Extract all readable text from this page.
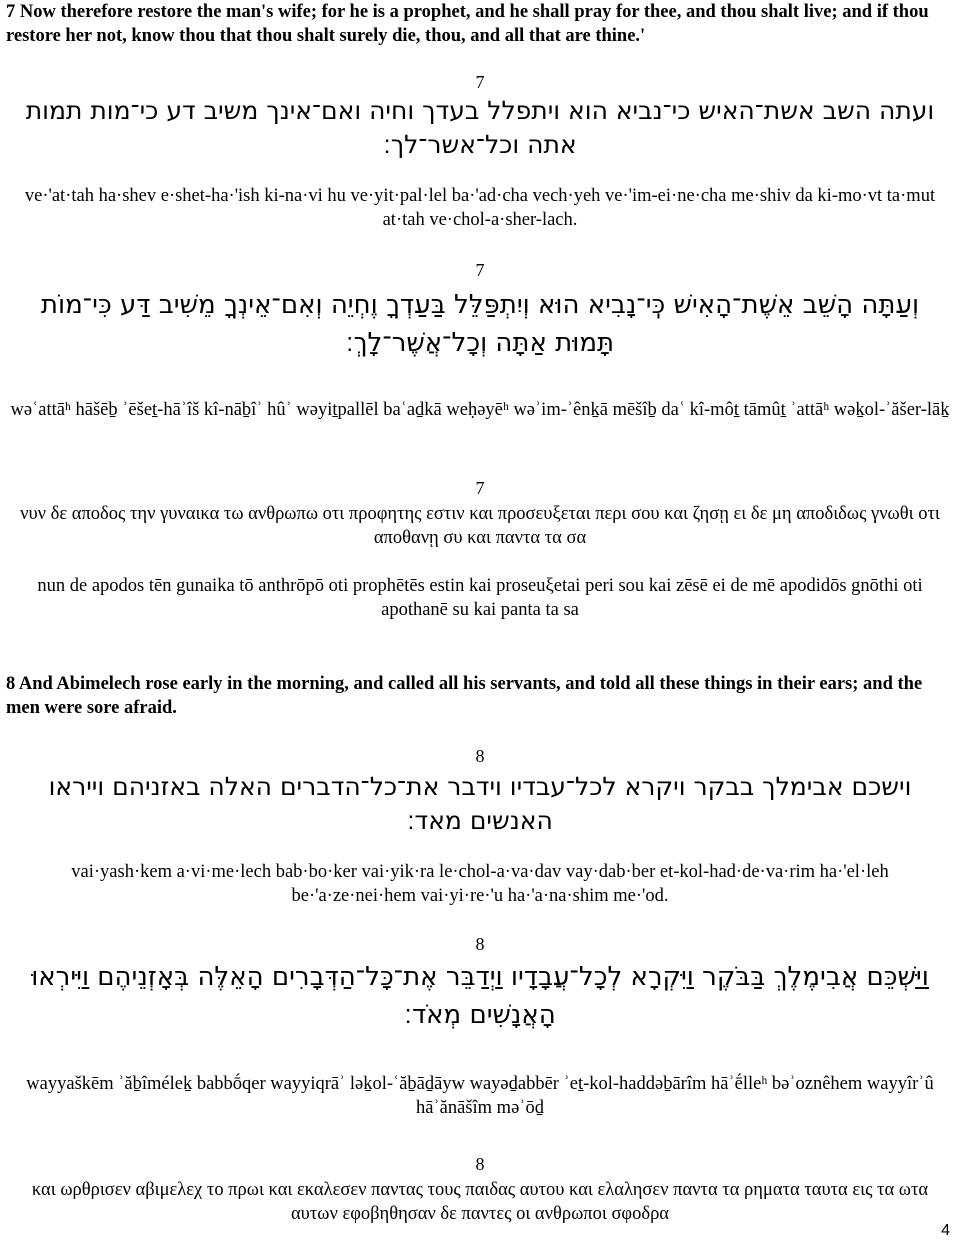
7 Now therefore restore the man's wife; for he is a prophet, and he shall pray for thee, and thou shalt live; and if thou restore her not, know thou that thou shalt surely die, thou, and all that are thine.'
7
ועתה השב אשת־האיש כי־נביא הוא ויתפלל בעדך וחיה ואם־אינך משיב דע כי־מות תמות אתה וכל־אשר־לך׃
ve·'at·tah ha·shev e·shet-ha·'ish ki-na·vi hu ve·yit·pal·lel ba·'ad·cha vech·yeh ve·'im-ei·ne·cha me·shiv da ki-mo·vt ta·mut at·tah ve·chol-a·sher-lach.
7
וְעַתָּה הָשֵׁב אֵשֶׁת־הָאִישׁ כִּֽי־נָבִיא הוּא וְיִתְפַּלֵּל בַּעַדְךָ וֶחְיֵה וְאִם־אֵינְךָ מֵשִׁיב דַּע כִּי־מוֹת תָּמוּת אַתָּה וְכָל־אֲשֶׁר־לָךְ׃
wəʿattāʰ hāšēḇ ʾēšeṯ-hāʾîš kî-nāḇîʾ hûʾ wəyiṯpallēl baʿaḏkā weḥəyēʰ wəʾim-ʾênḵā mēšîḇ daʿ kî-môṯ tāmûṯ ʾattāʰ wəḵol-ʾăšer-lāḵ
7
νυν δε αποδος την γυναικα τω ανθρωπω οτι προφητης εστιν και προσευξεται περι σου και ζησῃ ει δε μη αποδιδως γνωθι οτι αποθανῃ συ και παντα τα σα
nun de apodos tēn gunaika tō anthrōpō oti prophētēs estin kai proseuξetai peri sou kai zēsē ei de mē apodidōs gnōthi oti apothanē su kai panta ta sa
8 And Abimelech rose early in the morning, and called all his servants, and told all these things in their ears; and the men were sore afraid.
8
וישכם אבימלך בבקר ויקרא לכל־עבדיו וידבר את־כל־הדברים האלה באזניהם וייראו האנשים מאד׃
vai·yash·kem a·vi·me·lech bab·bo·ker vai·yik·ra le·chol-a·va·dav vay·dab·ber et-kol-had·de·va·rim ha·'el·leh be·'a·ze·nei·hem vai·yi·re·'u ha·'a·na·shim me·'od.
8
וַיַּשְׁכֵּם אֲבִימֶלֶךְ בַּבֹּקֶר וַיִּקְרָא לְכָל־עֲבָדָיו וַיְדַבֵּר אֶת־כָּל־הַדְּבָרִים הָאֵלֶּה בְּאָזְנֵיהֶם וַיִּירְאוּ הָאֲנָשִׁים מְאֹד׃
wayyaškēm ʾăḇîméleḵ babbṓqer wayyiqrāʾ ləḵol-ʿăḇāḏāyw wayəḏabbēr ʾeṯ-kol-haddəḇārîm hāʾḗlleʰ bəʾoznêhem wayyîrʾû hāʾănāšîm məʾōḏ
8
και ωρθρισεν αβιμελεχ το πρωι και εκαλεσεν παντας τους παιδας αυτου και ελαλησεν παντα τα ρηματα ταυτα εις τα ωτα αυτων εφοβηθησαν δε παντες οι ανθρωποι σφοδρα
4
